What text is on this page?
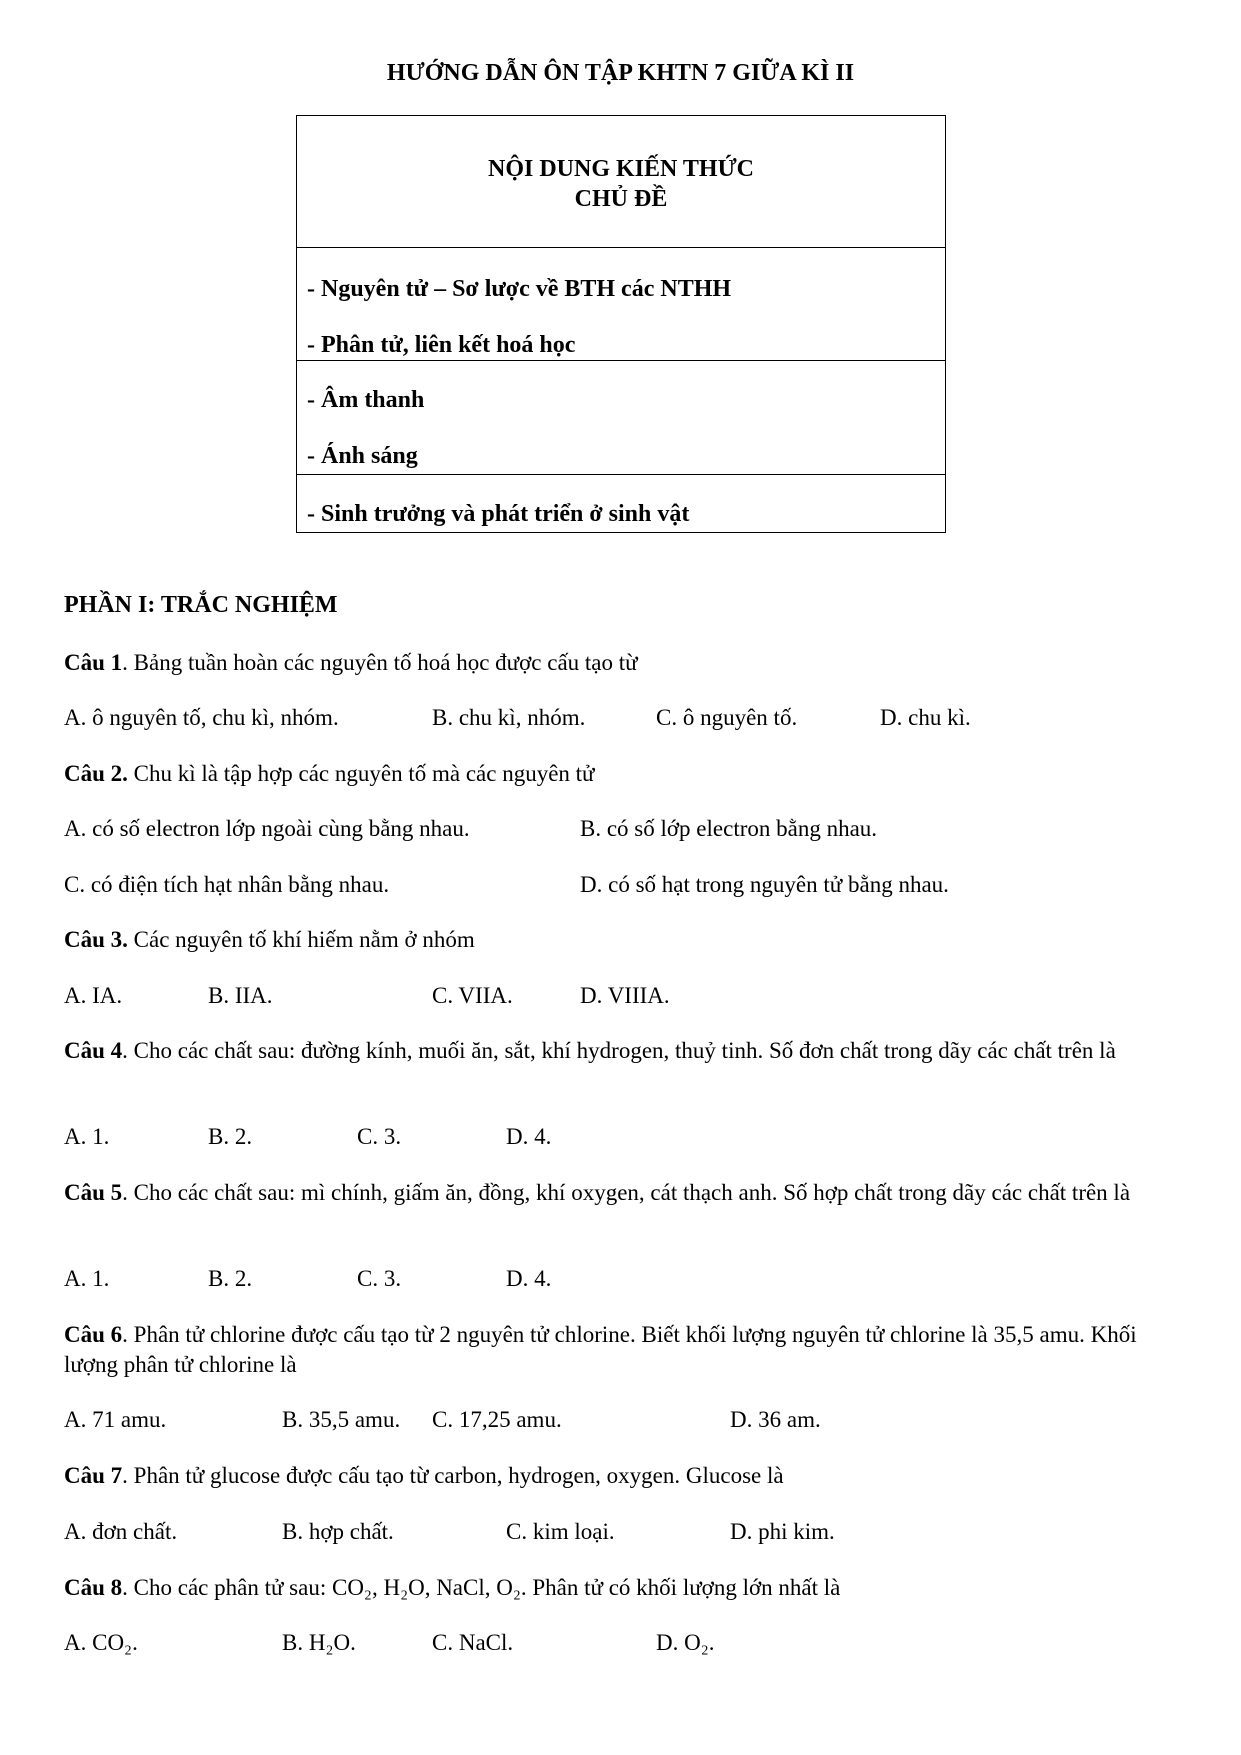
HƯỚNG DẪN ÔN TẬP KHTN 7 GIỮA KÌ II
NỘI DUNG KIẾN THỨC
CHỦ ĐỀ

- Nguyên tử – Sơ lược về BTH các NTHH
- Phân tử, liên kết hoá học

- Âm thanh
- Ánh sáng

- Sinh trưởng và phát triển ở sinh vật
PHẦN I: TRẮC NGHIỆM
Câu 1. Bảng tuần hoàn các nguyên tố hoá học được cấu tạo từ
A. ô nguyên tố, chu kì, nhóm.	B. chu kì, nhóm.	C. ô nguyên tố.	D. chu kì.
Câu 2. Chu kì là tập hợp các nguyên tố mà các nguyên tử
A. có số electron lớp ngoài cùng bằng nhau.	B. có số lớp electron bằng nhau.
C. có điện tích hạt nhân bằng nhau.	D. có số hạt trong nguyên tử bằng nhau.
Câu 3. Các nguyên tố khí hiếm nằm ở nhóm
A. IA.	B. IIA.	C. VIIA.	D. VIIIA.
Câu 4. Cho các chất sau: đường kính, muối ăn, sắt, khí hydrogen, thuỷ tinh. Số đơn chất trong dãy các chất trên là
A. 1.	B. 2.	C. 3.	D. 4.
Câu 5. Cho các chất sau: mì chính, giấm ăn, đồng, khí oxygen, cát thạch anh. Số hợp chất trong dãy các chất trên là
A. 1.	B. 2.	C. 3.	D. 4.
Câu 6. Phân tử chlorine được cấu tạo từ 2 nguyên tử chlorine. Biết khối lượng nguyên tử chlorine là 35,5 amu. Khối lượng phân tử chlorine là
A. 71 amu.	B. 35,5 amu. C. 17,25 amu.	D. 36 am.
Câu 7. Phân tử glucose được cấu tạo từ carbon, hydrogen, oxygen. Glucose là
A. đơn chất.	B. hợp chất.	C. kim loại.	D. phi kim.
Câu 8. Cho các phân tử sau: CO₂, H₂O, NaCl, O₂. Phân tử có khối lượng lớn nhất là
A. CO₂.	B. H₂O.	C. NaCl.	D. O₂.
